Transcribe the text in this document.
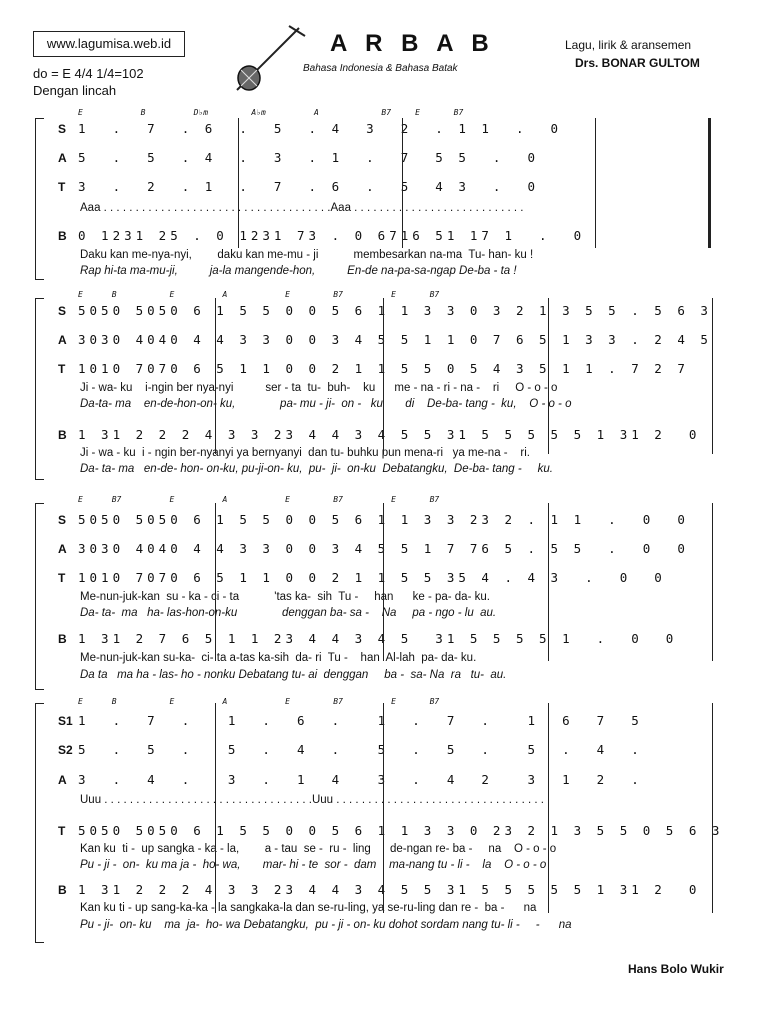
www.lagumisa.web.id
do = E 4/4 1/4=102
Dengan lincah
A R B A B
Bahasa Indonesia & Bahasa Batak
Lagu, lirik & aransemen
Drs. BONAR GULTOM
E            B          D♭m         A♭m          A             B7     E       B7
S 1  .  7  . 6  .  5  . 4  3  2  . 1 1  .  0
A 5  .  5  . 4  .  3  . 1  .  7  5 5  .  0
T 3  .  2  . 1  .  7  . 6  .  5  4 3  .  0
Aaa . . . . . . . . . . . . . . . . . . . . . . . . . . . . . . . . . . . .Aaa . . . . . . . . . . . . . . . . . . . . . . . . . . .
B 0 1231 25 . 0 1231 73 . 0 6716 51 17 1  .  0
Daku kan me-nya-nyi,        daku kan me-mu - ji           membesarkan na-ma  Tu- han- ku !
Rap hi-ta ma-mu-ji,          ja-la mangende-hon,          En-de na-pa-sa-ngap De-ba - ta !
E      B           E          A            E         B7          E       B7
S 5050 5050 6 1 5 5 0 0 5 6 1 1 3 3 0 3 2 1 3 5 5 . 5 6 3
A 3030 4040 4 4 3 3 0 0 3 4 5 5 1 1 0 7 6 5 1 3 3 . 2 4 5
T 1010 7070 6 5 1 1 0 0 2 1 1 5 5 0 5 4 3 5 1 1 . 7 2 7
Ji - wa- ku    i-ngin ber nya-nyi          ser - ta  tu-  buh-    ku      me - na - ri - na -    ri     O - o - o
Da-ta- ma    en-de-hon-on- ku,              pa- mu - ji-  on -   ku       di    De-ba- tang -  ku,    O - o - o
B 1 31 2 2 2 4 3 3 23 4 4 3 4 5 5 31 5 5 5 5 5 1 31 2  0
Ji - wa - ku  i - ngin ber-nyanyi ya bernyanyi  dan tu- buhku pun mena-ri   ya me-na -    ri.
Da- ta- ma   en-de- hon- on-ku, pu-ji-on- ku,  pu-  ji-  on-ku  Debatangku,  De-ba- tang -     ku.
E      B7          E          A            E         B7          E       B7
S 5050 5050 6 1 5 5 0 0 5 6 1 1 3 3 23 2 . 1 1  .  0  0
A 3030 4040 4 4 3 3 0 0 3 4 5 5 1 7 76 5 . 5 5  .  0  0
T 1010 7070 6 5 1 1 0 0 2 1 1 5 5 35 4 . 4 3  .  0  0
Me-nun-juk-kan  su - ka - ci - ta           'tas ka-  sih  Tu -     han      ke - pa- da- ku.
Da- ta-  ma   ha- las-hon-on-ku              denggan ba- sa -    Na     pa - ngo - lu  au.
B 1 31 2 7 6 5 1 1 23 4 4 3 4 5  31 5 5 5 5 1  .  0  0
Me-nun-juk-kan su-ka-  ci- ta a-tas ka-sih  da- ri  Tu -    han  Al-lah  pa- da- ku.
Da ta   ma ha - las- ho - nonku Debatang tu- ai  denggan     ba -  sa- Na  ra   tu-  au.
E      B           E          A            E         B7          E       B7
S1 1  .  7  .   1  .  6  .   1  .  7  .   1  6  7  5
S2 5  .  5  .   5  .  4  .   5  .  5  .   5  .  4  .
A 3  .  4  .   3  .  1  4   3  .  4  2   3  1  2  .
Uuu . . . . . . . . . . . . . . . . . . . . . . . . . . . . . . . . .Uuu . . . . . . . . . . . . . . . . . . . . . . . . . . . . . . . . .
T 5050 5050 6 1 5 5 0 0 5 6 1 1 3 3 0 23 2 1 3 5 5 0 5 6 3
Kan ku  ti -  up sangka - ka - la,        a - tau  se -  ru -  ling      de-ngan re- ba -     na    O - o - o
Pu - ji -  on-  ku ma ja -  ho- wa,       mar- hi - te  sor -  dam    ma-nang tu - li -    la    O - o - o
B 1 31 2 2 2 4 3 3 23 4 4 3 4 5 5 31 5 5 5 5 5 1 31 2  0
Kan ku ti - up sang-ka-ka - la sangkaka-la dan se-ru-ling, ya se-ru-ling dan re -  ba -      na
Pu - ji-  on- ku    ma  ja-  ho- wa Debatangku,  pu - ji - on- ku dohot sordam nang tu- li -     -      na
Hans Bolo Wukir
